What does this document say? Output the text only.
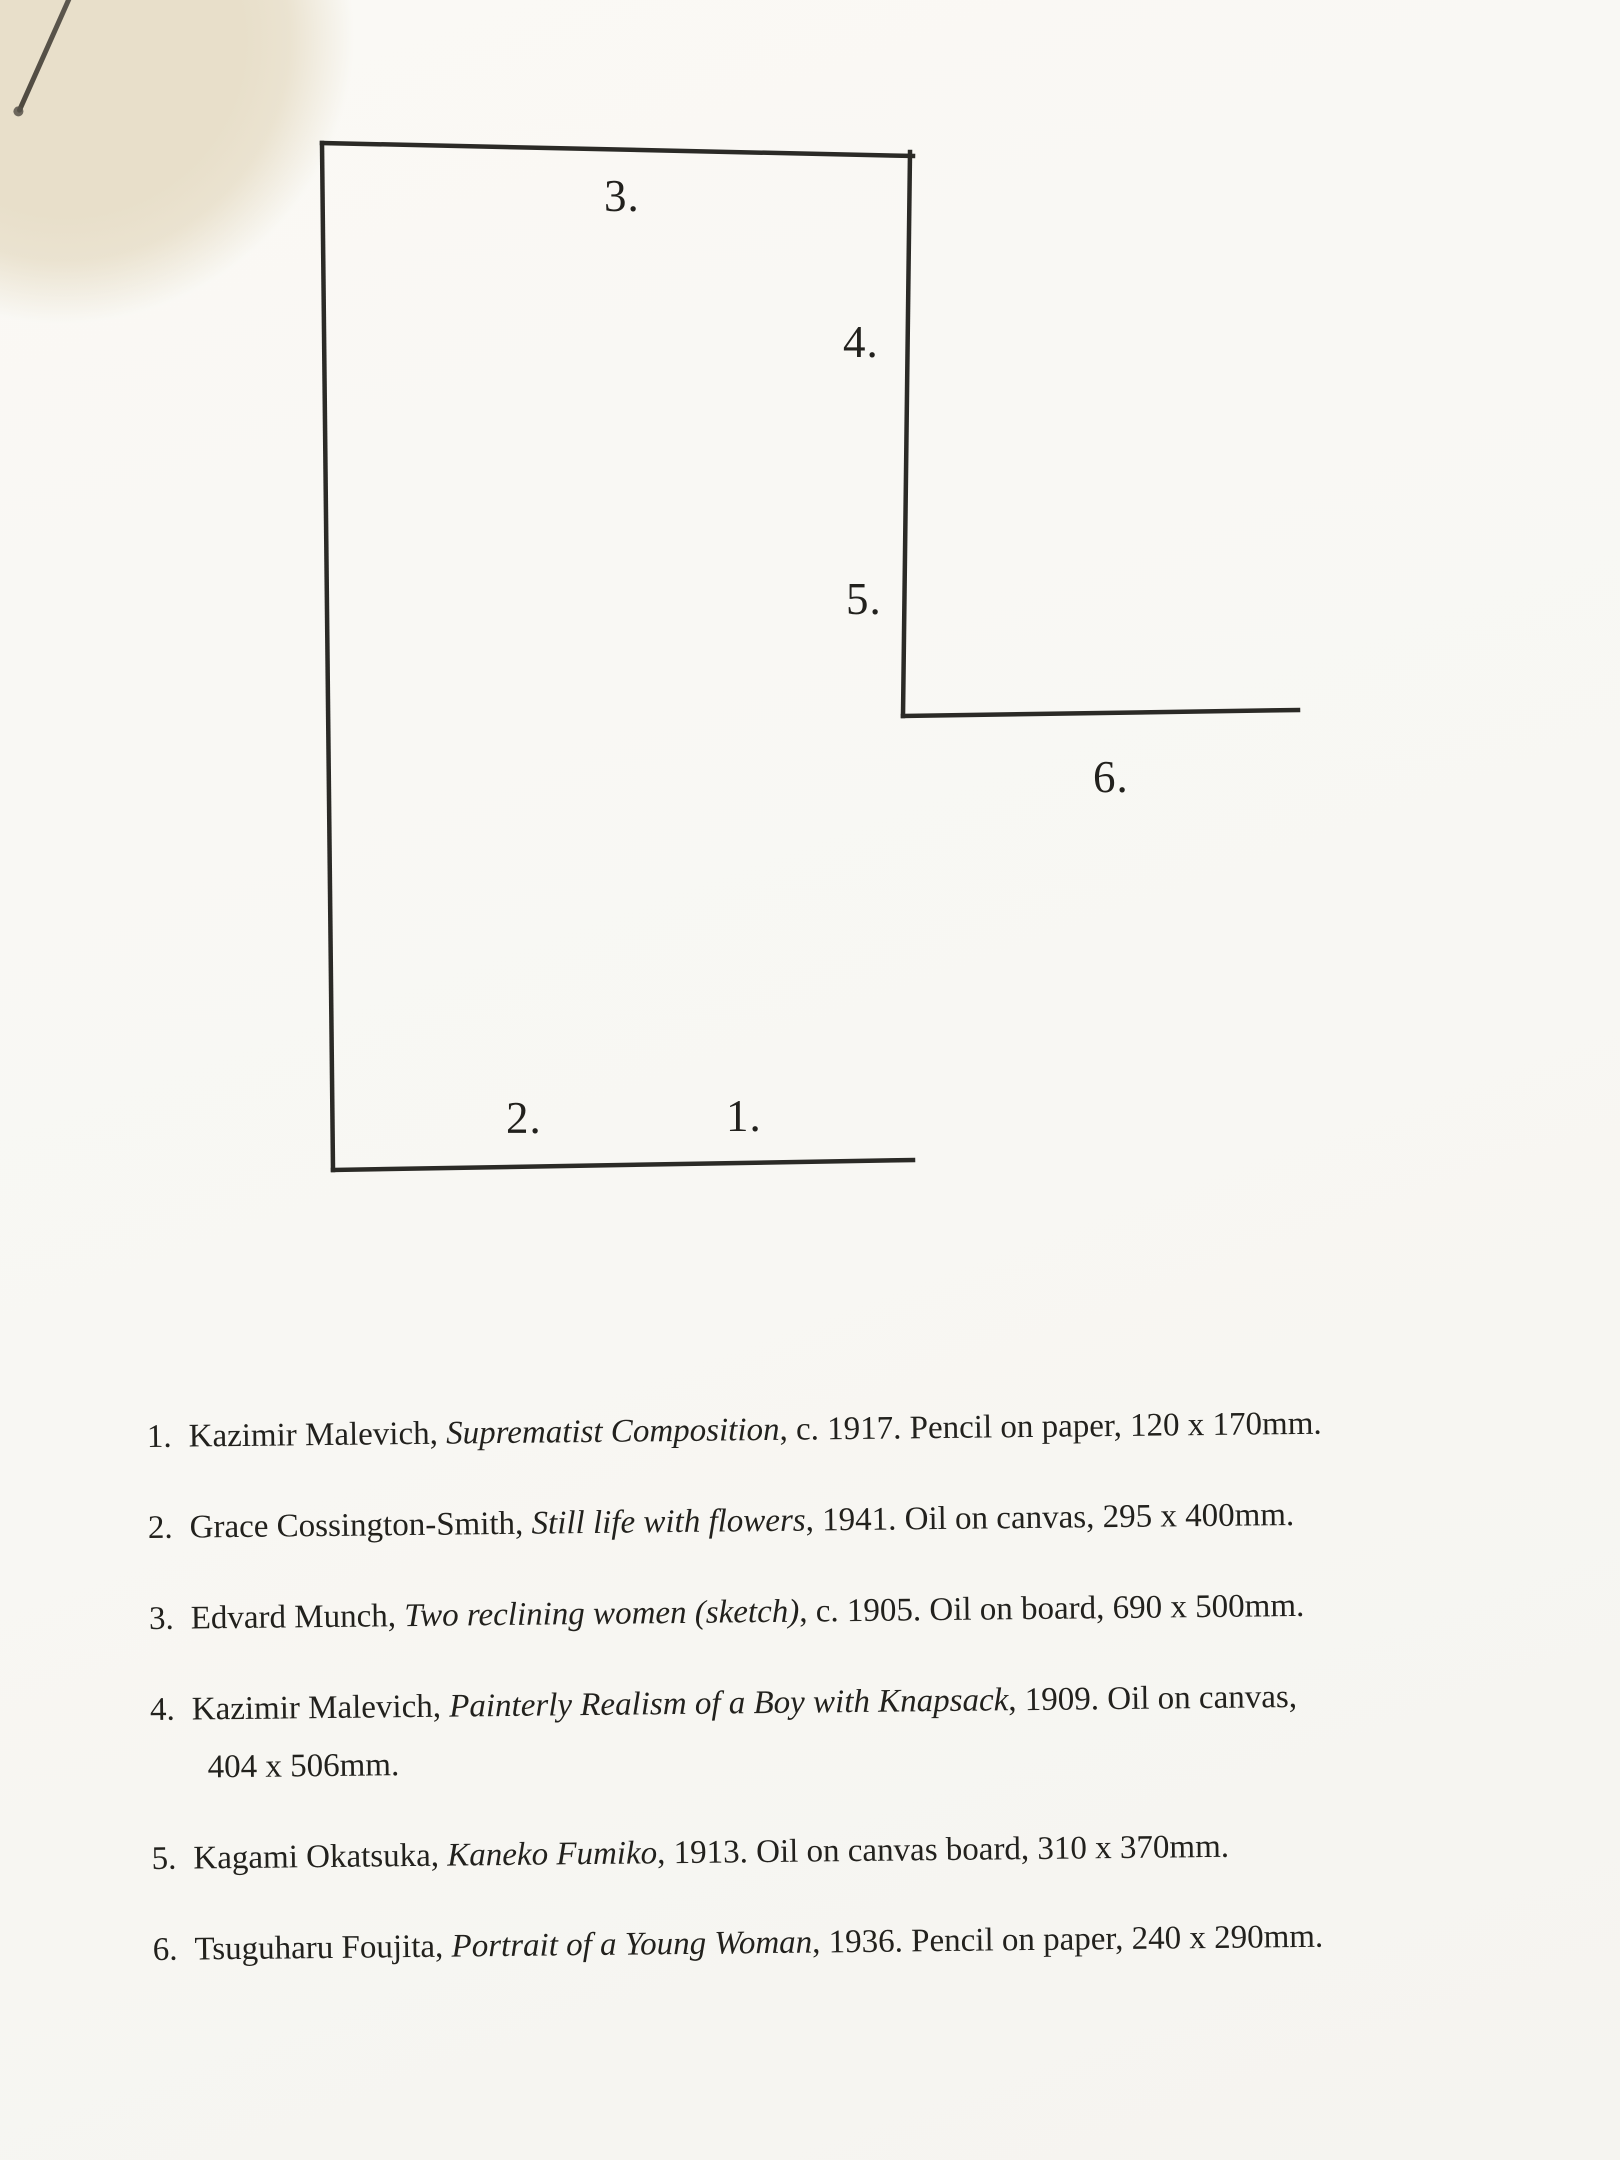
3.
4.
5.
6.
2.	1.
1. Kazimir Malevich, Suprematist Composition, c. 1917. Pencil on paper, 120 x 170mm.
2. Grace Cossington-Smith, Still life with flowers, 1941. Oil on canvas, 295 x 400mm.
3. Edvard Munch, Two reclining women (sketch), c. 1905. Oil on board, 690 x 500mm.
4. Kazimir Malevich, Painterly Realism of a Boy with Knapsack, 1909. Oil on canvas,
404 x 506mm.
5. Kagami Okatsuka, Kaneko Fumiko, 1913. Oil on canvas board, 310 x 370mm.
6. Tsuguharu Foujita, Portrait of a Young Woman, 1936. Pencil on paper, 240 x 290mm.
